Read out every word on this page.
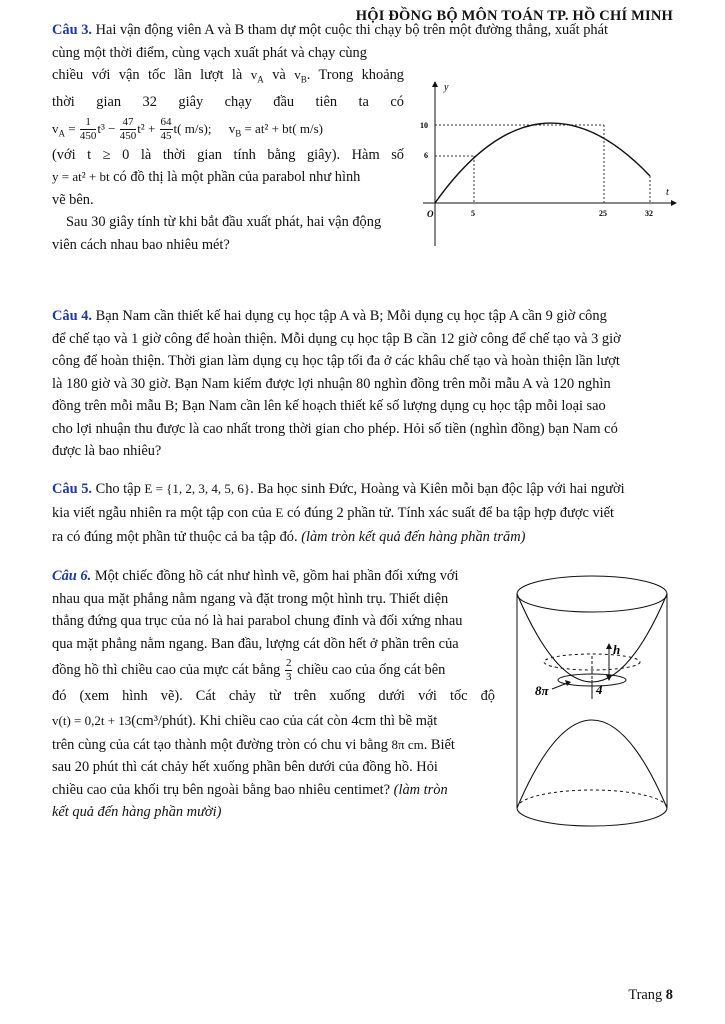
HỘI ĐỒNG BỘ MÔN TOÁN TP. HỒ CHÍ MINH
Câu 3. Hai vận động viên A và B tham dự một cuộc thi chạy bộ trên một đường thẳng, xuất phát
cùng một thời điểm, cùng vạch xuất phát và chạy cùng
chiều với vận tốc lần lượt là $v_A$ và $v_B$. Trong khoảng
thời gian 32 giây chạy đầu tiên ta có
$v_A = \frac{1}{450} t^3 - \frac{47}{450} t^2 + \frac{64}{45} t$( m/s); $v_B = at^2 + bt$( m/s)
(với t ≥ 0 là thời gian tính bằng giây). Hàm số
y = at² + bt có đồ thị là một phần của parabol như hình
vẽ bên.
Sau 30 giây tính từ khi bắt đầu xuất phát, hai vận động
viên cách nhau bao nhiêu mét?
y
t
O
10
6
5	25	32
Câu 4. Bạn Nam cần thiết kế hai dụng cụ học tập A và B; Mỗi dụng cụ học tập A cần 9 giờ công
để chế tạo và 1 giờ công để hoàn thiện. Mỗi dụng cụ học tập B cần 12 giờ công để chế tạo và 3 giờ
công để hoàn thiện. Thời gian làm dụng cụ học tập tối đa ở các khâu chế tạo và hoàn thiện lần lượt
là 180 giờ và 30 giờ. Bạn Nam kiếm được lợi nhuận 80 nghìn đồng trên mỗi mẫu A và 120 nghìn
đồng trên mỗi mẫu B; Bạn Nam cần lên kế hoạch thiết kế số lượng dụng cụ học tập mỗi loại sao
cho lợi nhuận thu được là cao nhất trong thời gian cho phép. Hỏi số tiền (nghìn đồng) bạn Nam có
được là bao nhiêu?
Câu 5. Cho tập E = {1, 2, 3, 4, 5, 6}. Ba học sinh Đức, Hoàng và Kiên mỗi bạn độc lập với hai người
kia viết ngẫu nhiên ra một tập con của E có đúng 2 phần tử. Tính xác suất để ba tập hợp được viết
ra có đúng một phần tử thuộc cả ba tập đó. (làm tròn kết quả đến hàng phần trăm)
Câu 6. Một chiếc đồng hồ cát như hình vẽ, gồm hai phần đối xứng với
nhau qua mặt phẳng nằm ngang và đặt trong một hình trụ. Thiết diện
thẳng đứng qua trục của nó là hai parabol chung đỉnh và đối xứng nhau
qua mặt phẳng nằm ngang. Ban đầu, lượng cát dồn hết ở phần trên của
đồng hồ thì chiều cao của mực cát bằng $\frac{2}{3}$ chiều cao của ống cát bên
đó (xem hình vẽ). Cát chảy từ trên xuống dưới với tốc độ
v(t) = 0,2t + 13(cm³/phút). Khi chiều cao của cát còn 4cm thì bề mặt
trên cùng của cát tạo thành một đường tròn có chu vi bằng 8π cm. Biết
sau 20 phút thì cát chảy hết xuống phần bên dưới của đồng hồ. Hỏi
chiều cao của khối trụ bên ngoài bằng bao nhiêu centimet? (làm tròn
kết quả đến hàng phần mười)
h
4
8π
Trang 8
